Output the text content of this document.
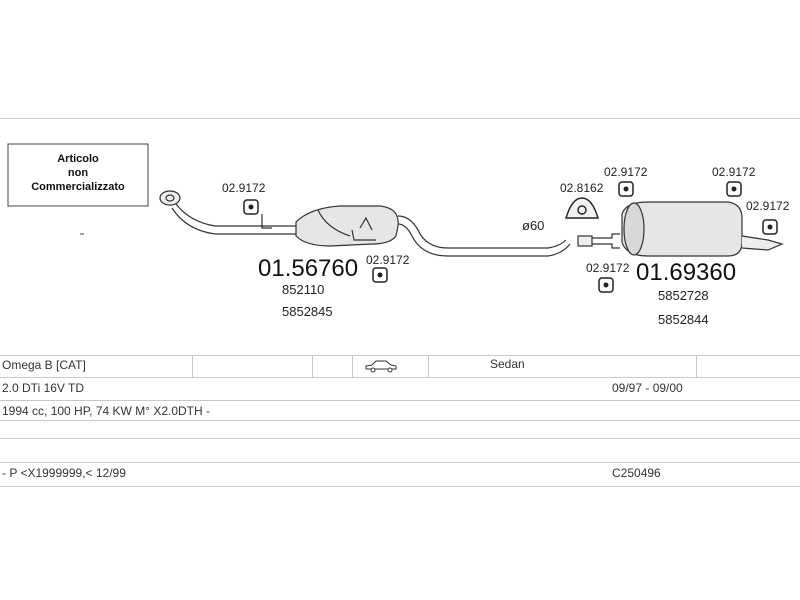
Articolo
non
Commercializzato	02.9172
02.9172
01.56760
852110
5852845
ø60
02.8162
02.9172	02.9172
02.9172
02.9172 01.69360
5852728
5852844
Omega B [CAT]	Sedan
2.0 DTi 16V TD	09/97 - 09/00
1994 cc, 100 HP, 74 KW M° X2.0DTH -
- P <X1999999,< 12/99	C250496
